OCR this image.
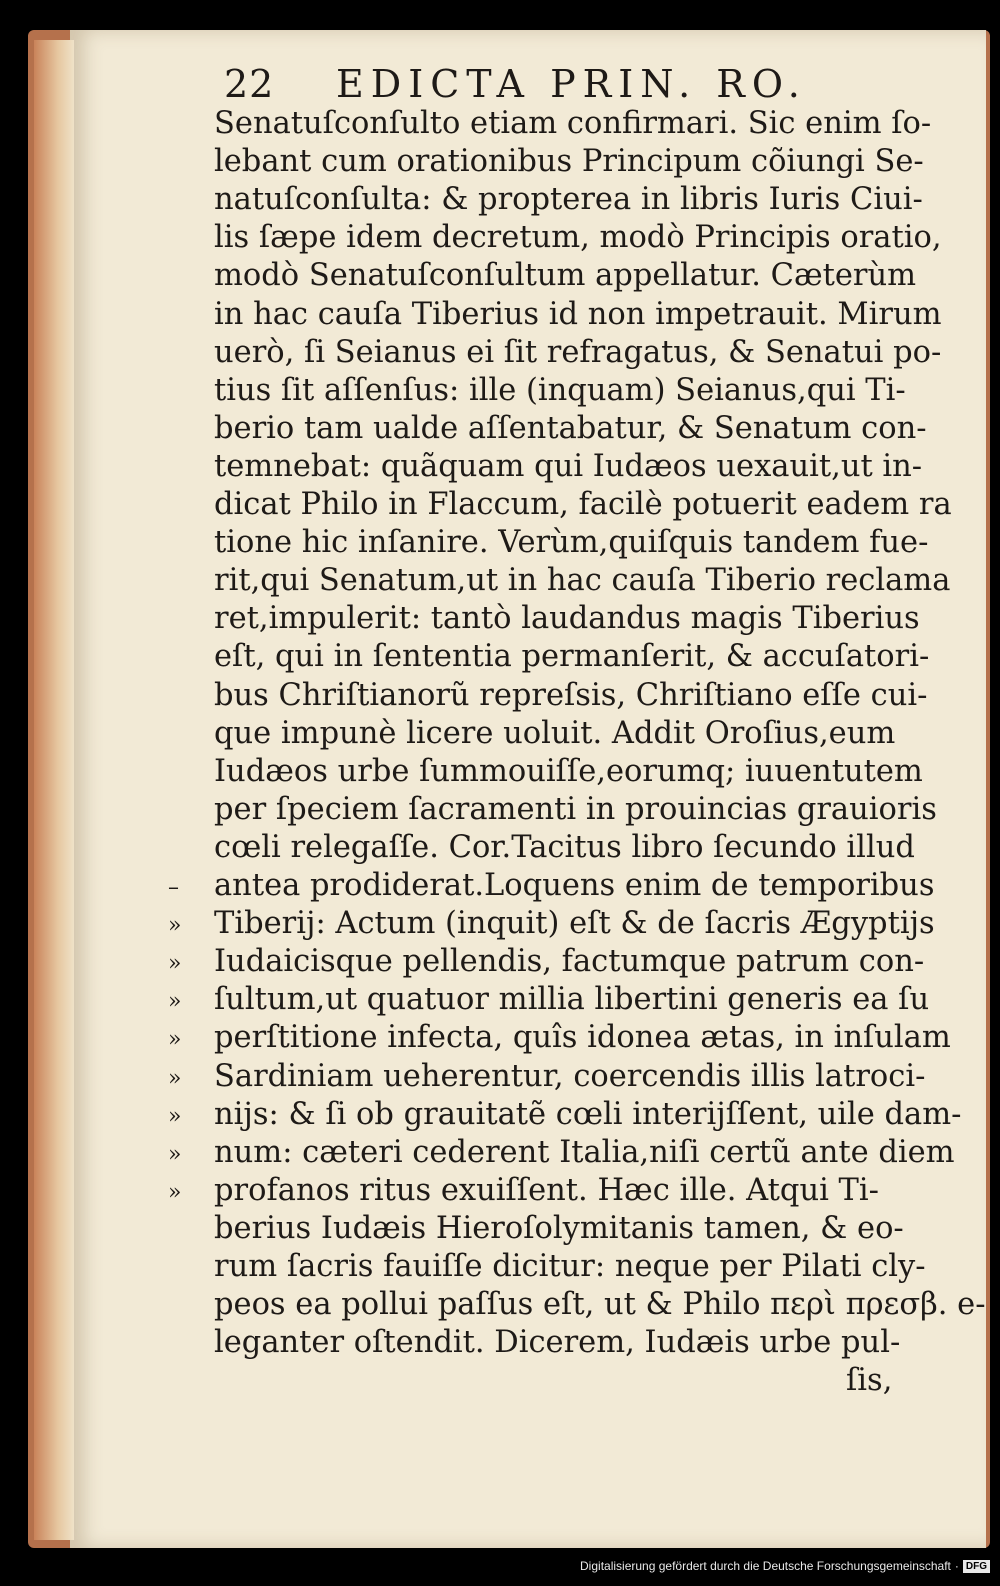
22 EDICTA PRIN. RO.
Senatuſconſulto etiam confirmari. Sic enim ſo-
lebant cum orationibus Principum cõiungi Se-
natuſconſulta: & propterea in libris Iuris Ciui-
lis ſæpe idem decretum, modò Principis oratio,
modò Senatuſconſultum appellatur. Cæterùm
in hac cauſa Tiberius id non impetrauit. Mirum
uerò, ſi Seianus ei ſit refragatus, & Senatui po-
tius ſit aſſenſus: ille (inquam) Seianus,qui Ti-
berio tam ualde aſſentabatur, & Senatum con-
temnebat: quãquam qui Iudæos uexauit,ut in-
dicat Philo in Flaccum, facilè potuerit eadem ra
tione hic inſanire. Verùm,quiſquis tandem fue-
rit,qui Senatum,ut in hac cauſa Tiberio reclama
ret,impulerit: tantò laudandus magis Tiberius
eſt, qui in ſententia permanſerit, & accuſatori-
bus Chriſtianorũ repreſsis, Chriſtiano eſſe cui-
que impunè licere uoluit. Addit Oroſius,eum
Iudæos urbe ſummouiſſe,eorumq; iuuentutem
per ſpeciem ſacramenti in prouincias grauioris
cœli relegaſſe. Cor.Tacitus libro ſecundo illud
antea prodiderat.Loquens enim de temporibus
Tiberij: Actum (inquit) eſt & de ſacris Ægyptijs
Iudaicisque pellendis, factumque patrum con-
ſultum,ut quatuor millia libertini generis ea ſu
perſtitione infecta, quîs idonea ætas, in inſulam
Sardiniam ueherentur, coercendis illis latroci-
nijs: & ſi ob grauitatẽ cœli interijſſent, uile dam-
num: cæteri cederent Italia,niſi certũ ante diem
profanos ritus exuiſſent. Hæc ille. Atqui Ti-
berius Iudæis Hieroſolymitanis tamen, & eo-
rum ſacris fauiſſe dicitur: neque per Pilati cly-
peos ea pollui paſſus eſt, ut & Philo περὶ πρεσβ. e-
leganter oſtendit. Dicerem, Iudæis urbe pul-
ſis,
–
»
»
»
»
»
»
»
»
Digitalisierung gefördert durch die Deutsche Forschungsgemeinschaft · DFG
